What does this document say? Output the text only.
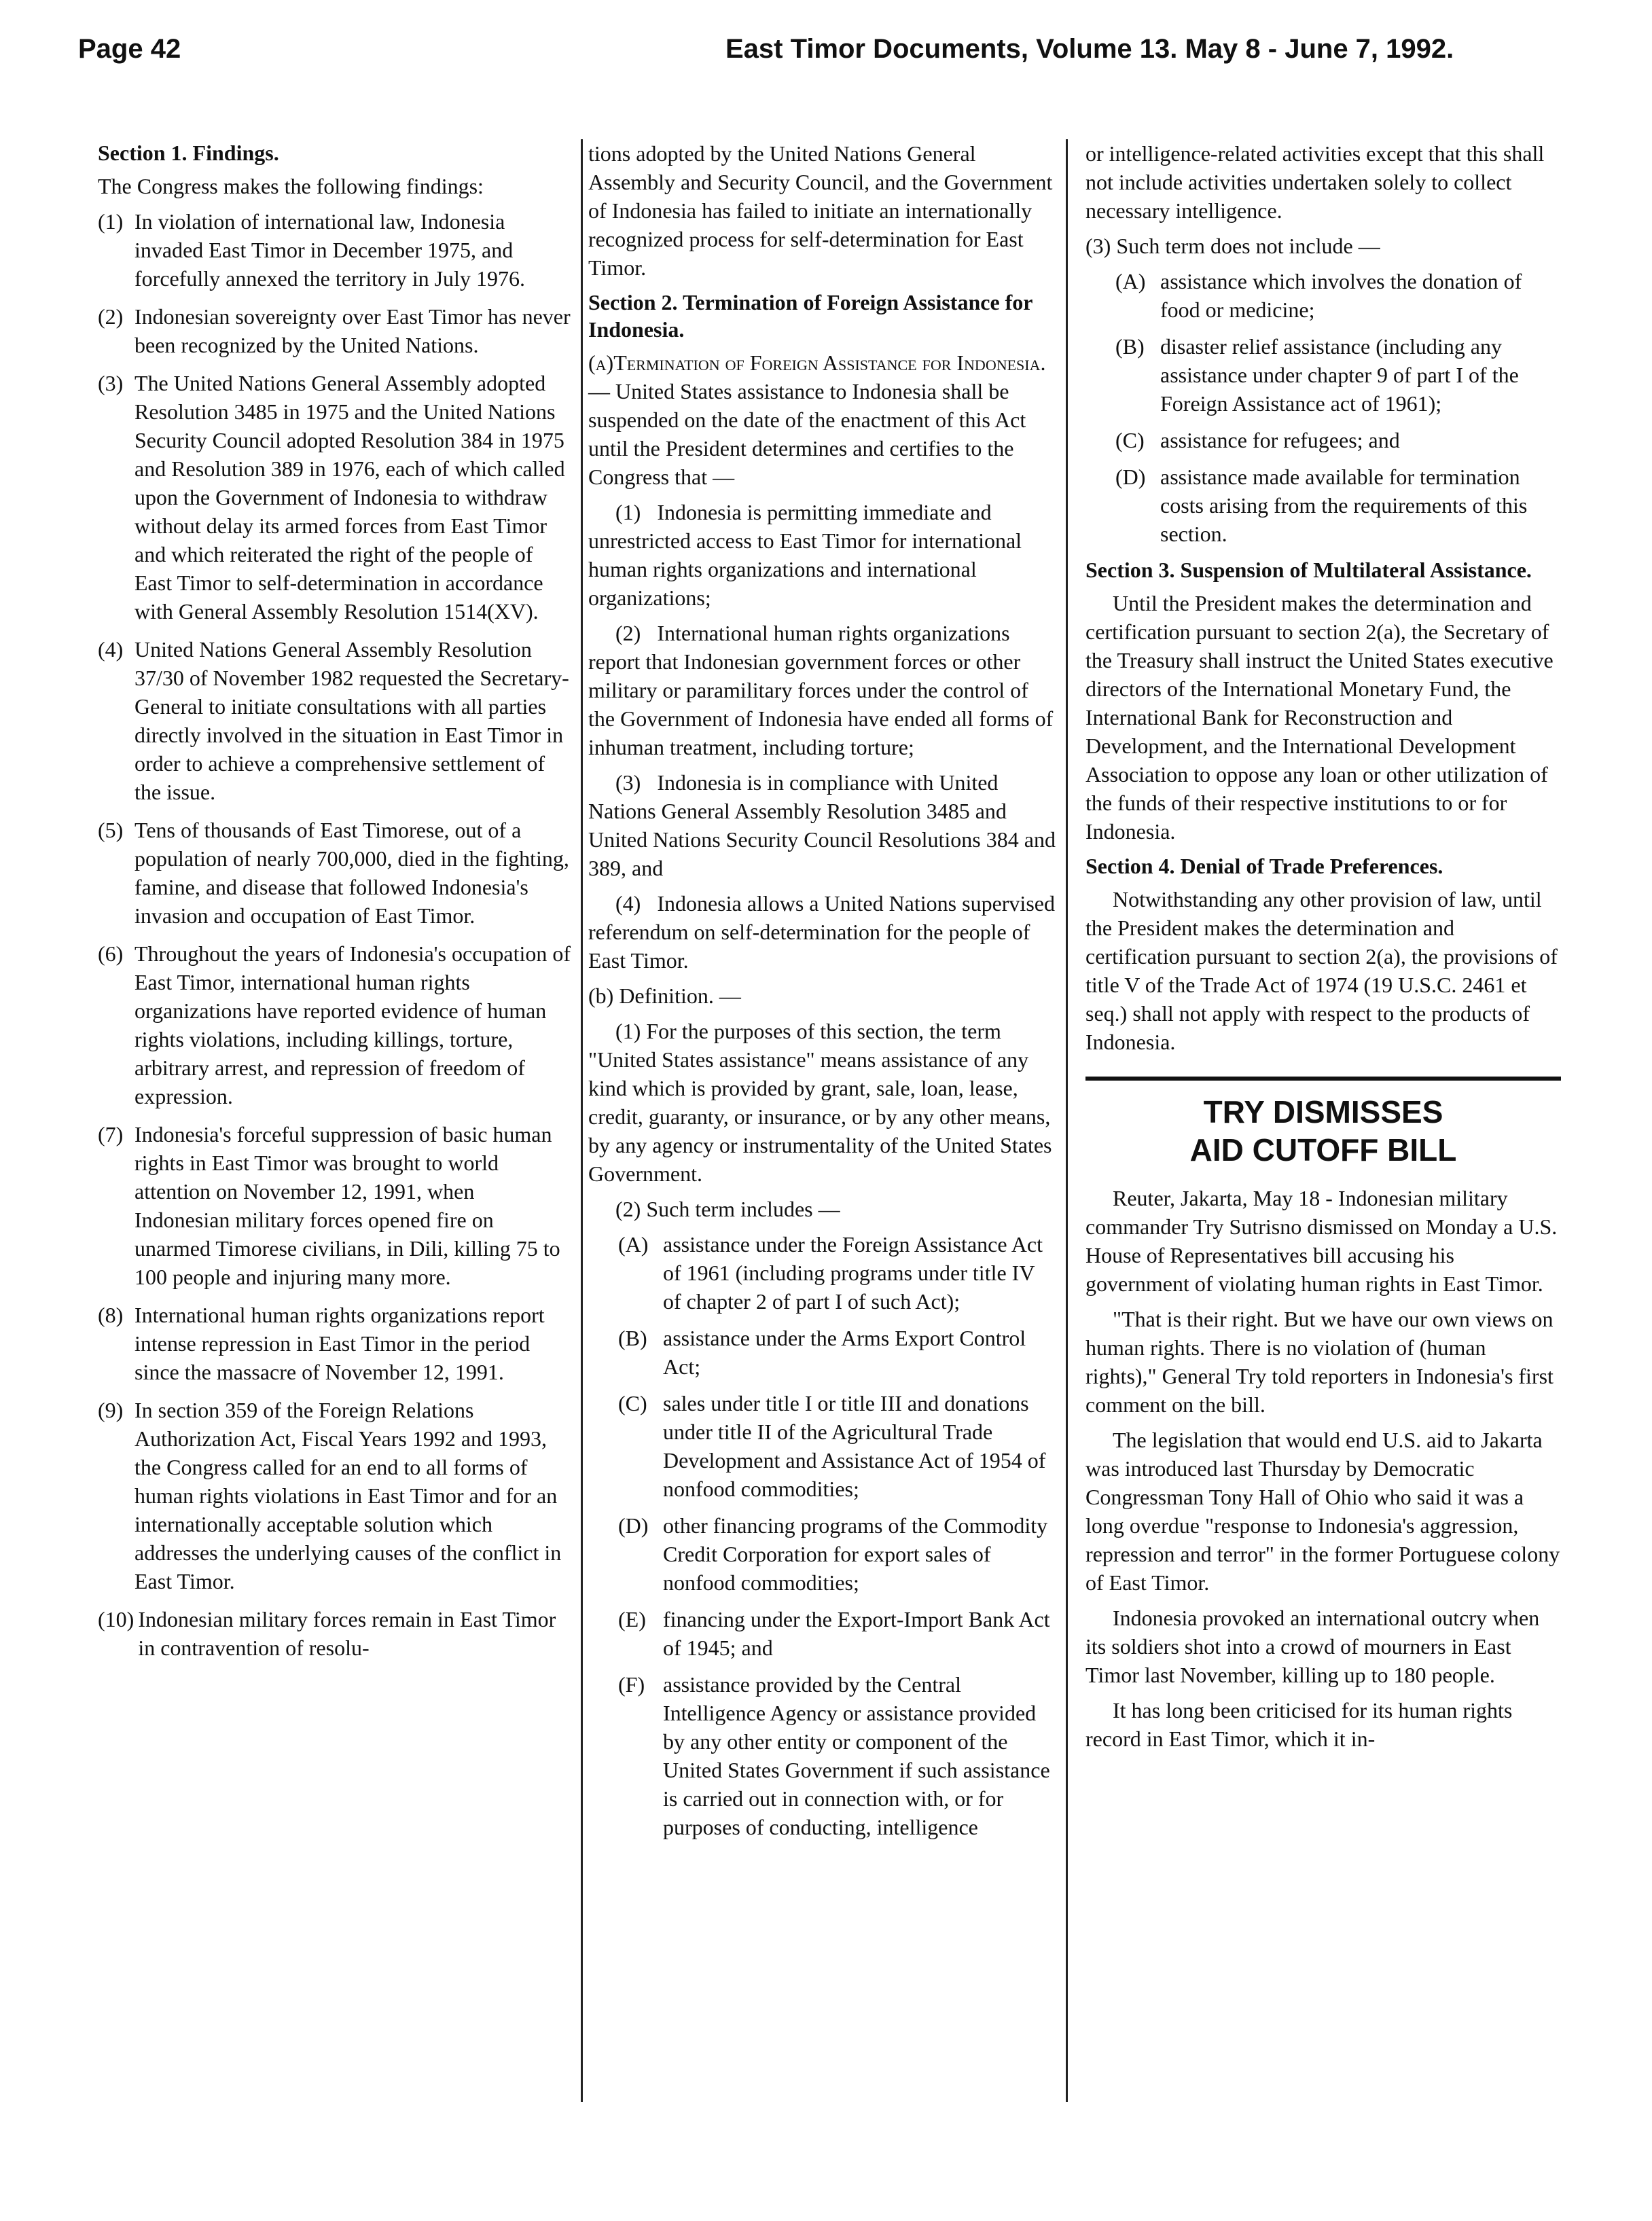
Page 42	East Timor Documents, Volume 13. May 8 - June 7, 1992.
Section 1. Findings.

The Congress makes the following findings:

(1) In violation of international law, Indonesia invaded East Timor in December 1975, and forcefully annexed the territory in July 1976.
(2) Indonesian sovereignty over East Timor has never been recognized by the United Nations.
(3) The United Nations General Assembly adopted Resolution 3485 in 1975 and the United Nations Security Council adopted Resolution 384 in 1975 and Resolution 389 in 1976, each of which called upon the Government of Indonesia to withdraw without delay its armed forces from East Timor and which reiterated the right of the people of East Timor to self-determination in accordance with General Assembly Resolution 1514(XV).
(4) United Nations General Assembly Resolution 37/30 of November 1982 requested the Secretary-General to initiate consultations with all parties directly involved in the situation in East Timor in order to achieve a comprehensive settlement of the issue.
(5) Tens of thousands of East Timorese, out of a population of nearly 700,000, died in the fighting, famine, and disease that followed Indonesia's invasion and occupation of East Timor.
(6) Throughout the years of Indonesia's occupation of East Timor, international human rights organizations have reported evidence of human rights violations, including killings, torture, arbitrary arrest, and repression of freedom of expression.
(7) Indonesia's forceful suppression of basic human rights in East Timor was brought to world attention on November 12, 1991, when Indonesian military forces opened fire on unarmed Timorese civilians, in Dili, killing 75 to 100 people and injuring many more.
(8) International human rights organizations report intense repression in East Timor in the period since the massacre of November 12, 1991.
(9) In section 359 of the Foreign Relations Authorization Act, Fiscal Years 1992 and 1993, the Congress called for an end to all forms of human rights violations in East Timor and for an internationally acceptable solution which addresses the underlying causes of the conflict in East Timor.
(10) Indonesian military forces remain in East Timor in contravention of resolu-

tions adopted by the United Nations General Assembly and Security Council, and the Government of Indonesia has failed to initiate an internationally recognized process for self-determination for East Timor.

Section 2. Termination of Foreign Assistance for Indonesia.

(a)Termination of Foreign Assistance for Indonesia. — United States assistance to Indonesia shall be suspended on the date of the enactment of this Act until the President determines and certifies to the Congress that —

(1) Indonesia is permitting immediate and unrestricted access to East Timor for international human rights organizations and international organizations;

(2) International human rights organizations report that Indonesian government forces or other military or paramilitary forces under the control of the Government of Indonesia have ended all forms of inhuman treatment, including torture;

(3) Indonesia is in compliance with United Nations General Assembly Resolution 3485 and United Nations Security Council Resolutions 384 and 389, and

(4) Indonesia allows a United Nations supervised referendum on self-determination for the people of East Timor.

(b) Definition. —

(1) For the purposes of this section, the term "United States assistance" means assistance of any kind which is provided by grant, sale, loan, lease, credit, guaranty, or insurance, or by any other means, by any agency or instrumentality of the United States Government.

(2) Such term includes —

(A) assistance under the Foreign Assistance Act of 1961 (including programs under title IV of chapter 2 of part I of such Act);
(B) assistance under the Arms Export Control Act;
(C) sales under title I or title III and donations under title II of the Agricultural Trade Development and Assistance Act of 1954 of nonfood commodities;
(D) other financing programs of the Commodity Credit Corporation for export sales of nonfood commodities;
(E) financing under the Export-Import Bank Act of 1945; and
(F) assistance provided by the Central Intelligence Agency or assistance provided by any other entity or component of the United States Government if such assistance is carried out in connection with, or for purposes of conducting, intelligence

or intelligence-related activities except that this shall not include activities undertaken solely to collect necessary intelligence.

(3) Such term does not include —

(A) assistance which involves the donation of food or medicine;
(B) disaster relief assistance (including any assistance under chapter 9 of part I of the Foreign Assistance act of 1961);
(C) assistance for refugees; and
(D) assistance made available for termination costs arising from the requirements of this section.
Section 3. Suspension of Multilateral Assistance.

Until the President makes the determination and certification pursuant to section 2(a), the Secretary of the Treasury shall instruct the United States executive directors of the International Monetary Fund, the International Bank for Reconstruction and Development, and the International Development Association to oppose any loan or other utilization of the funds of their respective institutions to or for Indonesia.

Section 4. Denial of Trade Preferences.

Notwithstanding any other provision of law, until the President makes the determination and certification pursuant to section 2(a), the provisions of title V of the Trade Act of 1974 (19 U.S.C. 2461 et seq.) shall not apply with respect to the products of Indonesia.

TRY DISMISSES
AID CUTOFF BILL

Reuter, Jakarta, May 18 - Indonesian military commander Try Sutrisno dismissed on Monday a U.S. House of Representatives bill accusing his government of violating human rights in East Timor.

"That is their right. But we have our own views on human rights. There is no violation of (human rights)," General Try told reporters in Indonesia's first comment on the bill.

The legislation that would end U.S. aid to Jakarta was introduced last Thursday by Democratic Congressman Tony Hall of Ohio who said it was a long overdue "response to Indonesia's aggression, repression and terror" in the former Portuguese colony of East Timor.

Indonesia provoked an international outcry when its soldiers shot into a crowd of mourners in East Timor last November, killing up to 180 people.

It has long been criticised for its human rights record in East Timor, which it in-
